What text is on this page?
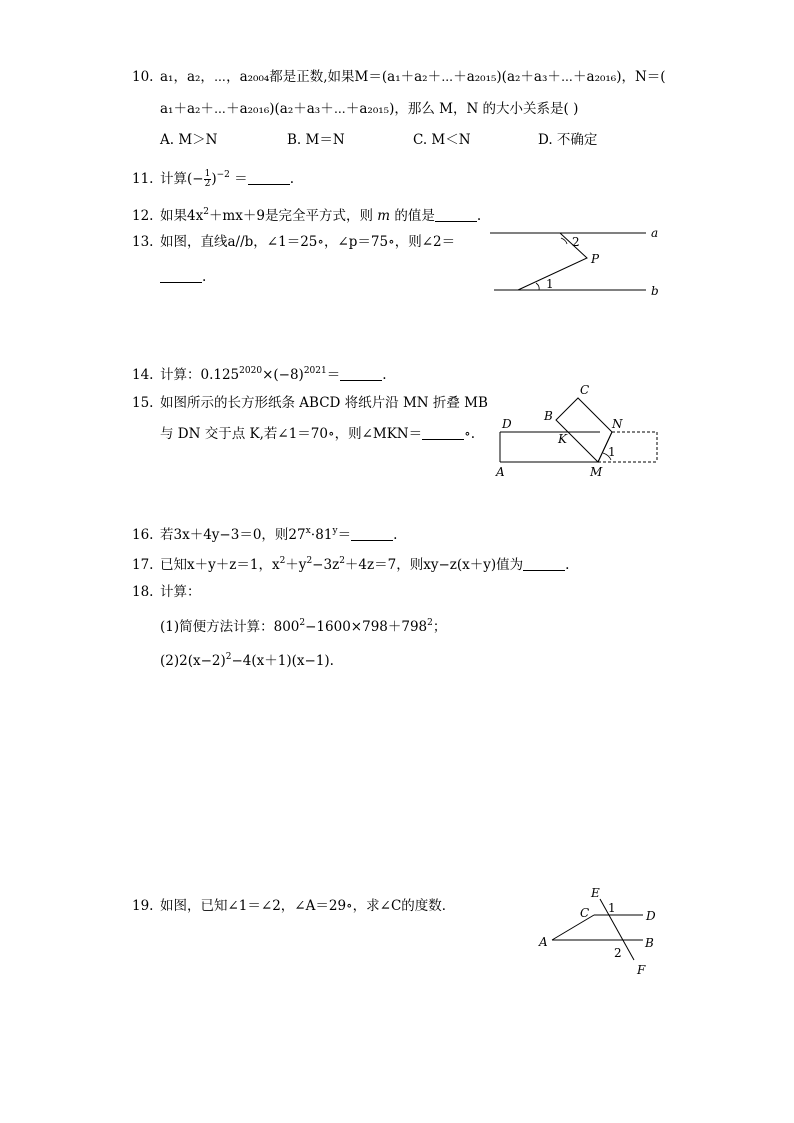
10. a₁，a₂，⋯，a₂₀₀₄都是正数,如果M＝(a₁＋a₂＋⋯＋a₂₀₁₅)(a₂＋a₃＋⋯＋a₂₀₁₆)，N＝(
a₁＋a₂＋⋯＋a₂₀₁₆)(a₂＋a₃＋⋯＋a₂₀₁₅)，那么 M，N 的大小关系是( )
A. M＞N	B. M＝N	C. M＜N	D. 不确定
11. 计算(− $\frac{1}{2} )^{-2}$ ＝	.
12. 如果$4x^2+mx+9$是完全平方式，则 m 的值是	.
13. 如图，直线a//b，∠1＝25∘，∠p＝75∘，则∠2＝
.
a
b
P
2
1
14. 计算：$0.125^{2020}\times(-8)^{2021}=$	.
15. 如图所示的长方形纸条 ABCD 将纸片沿 MN 折叠 MB
与 DN 交于点 K,若∠1＝70∘，则∠MKN＝	∘.
C
B
D	N
K
1
A	M
16. 若3x＋4y−3＝0，则$27^x\cdot 81^y=$	.
17. 已知x＋y＋z＝1，$x^2+y^2-3z^2+4z=7$，则xy−z(x＋y)值为	.
18. 计算：
(1)简便方法计算：$800^2-1600\times 798+798^2$；
$(2)2(x-2)^2-4(x+1)(x-1)$.
19. 如图，已知∠1＝∠2，∠A＝29∘，求∠C的度数．
E
C 1
D
A	B
2
F
